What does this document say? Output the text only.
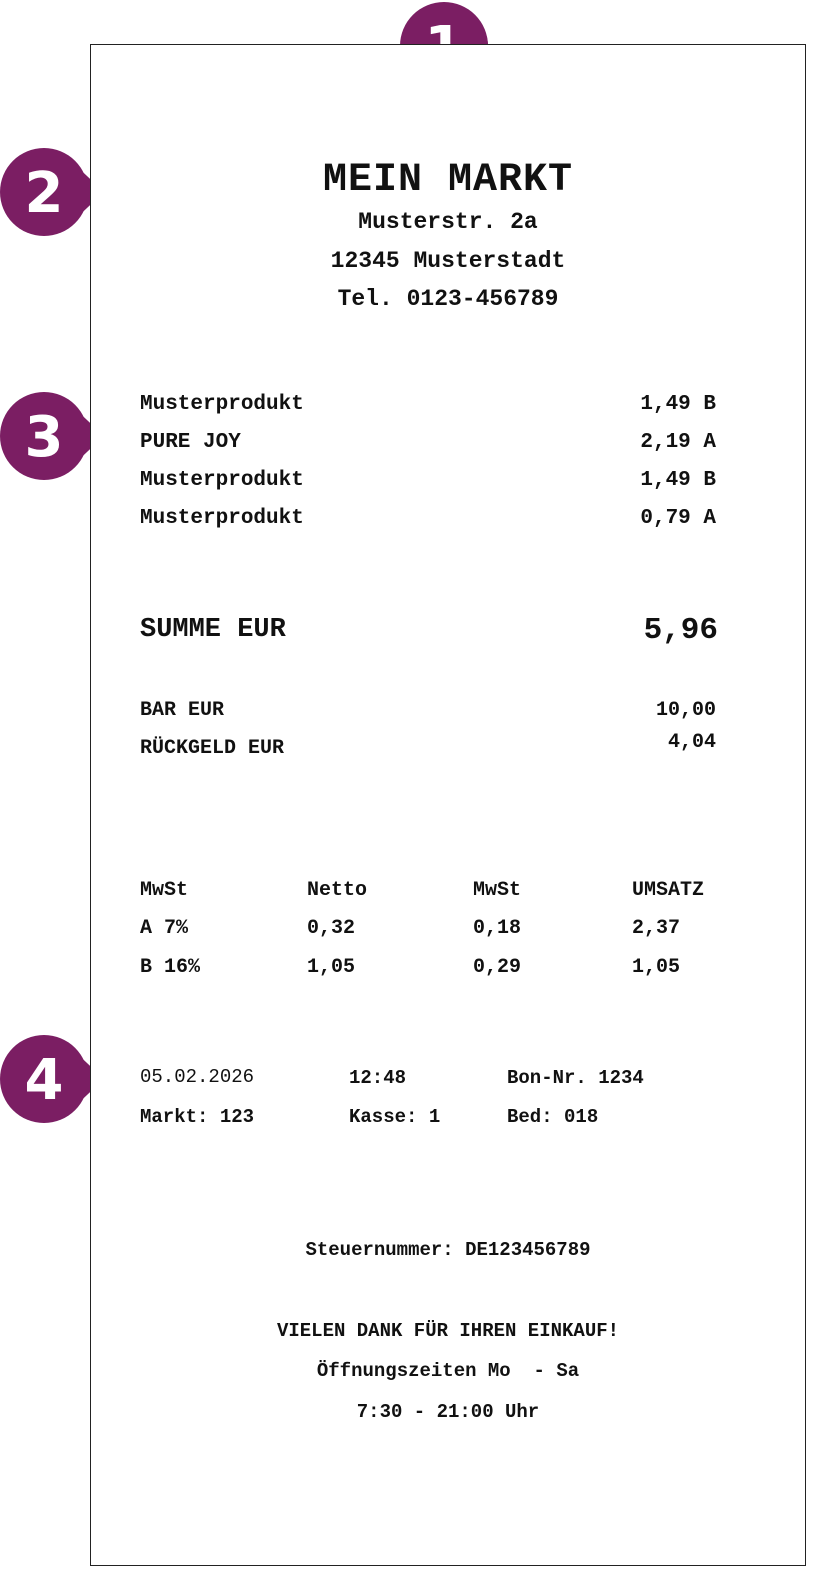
2
3
4
MEIN MARKT
Musterstr. 2a
12345 Musterstadt
Tel. 0123-456789
Musterprodukt	1,49 B
PURE JOY	2,19 A
Musterprodukt	1,49 B
Musterprodukt	0,79 A
SUMME EUR	5,96
BAR EUR	10,00
RÜCKGELD EUR	4,04
MwSt	Netto	MwSt	UMSATZ
A 7%	0,32	0,18	2,37
B 16%	1,05	0,29	1,05
05.02.2026	12:48	Bon-Nr. 1234
Markt: 123	Kasse: 1	Bed: 018
Steuernummer: DE123456789
VIELEN DANK FÜR IHREN EINKAUF!
Öffnungszeiten Mo  - Sa
7:30 - 21:00 Uhr
